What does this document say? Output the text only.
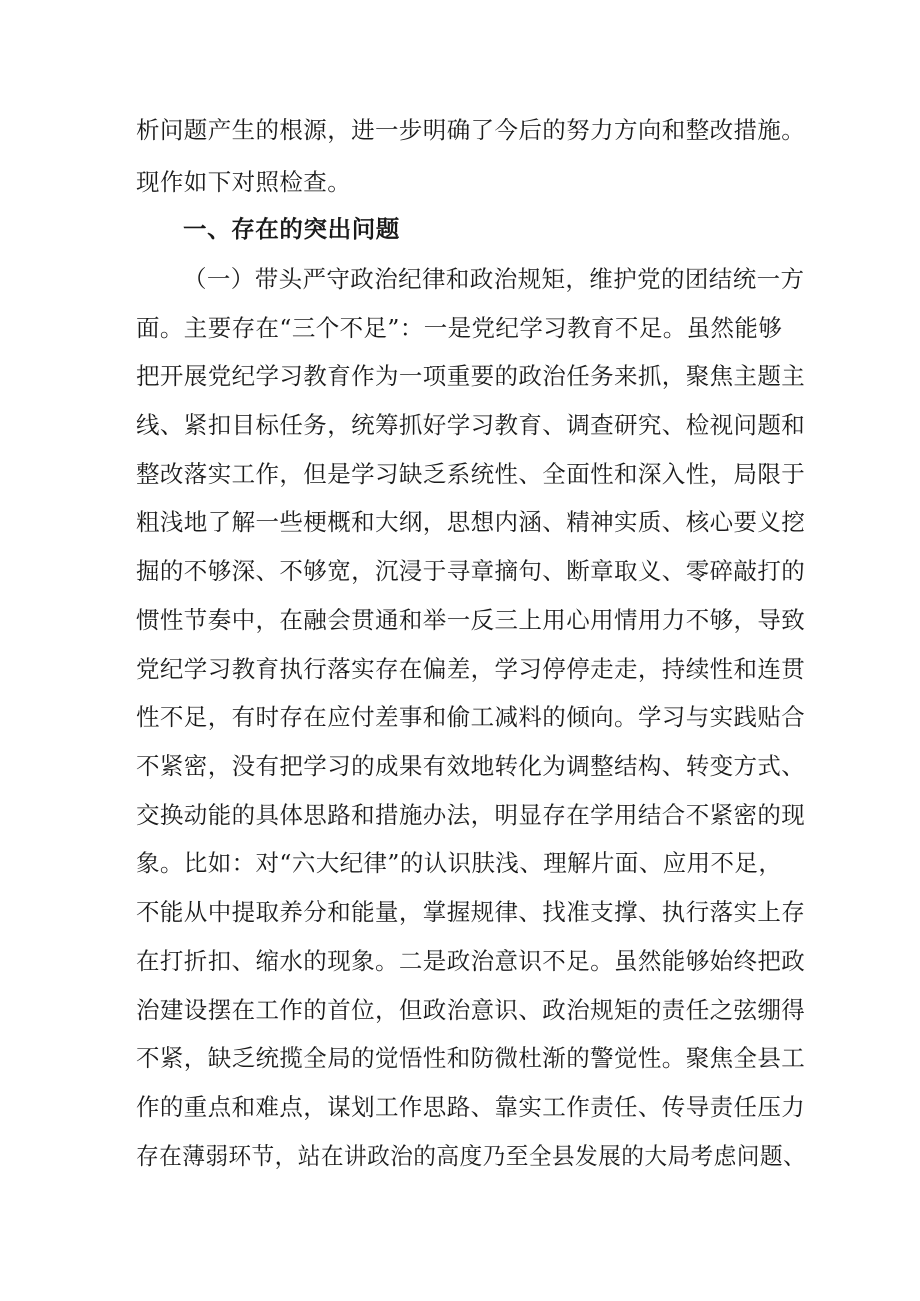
析问题产生的根源，进一步明确了今后的努力方向和整改措施。
现作如下对照检查。
一、存在的突出问题
（一）带头严守政治纪律和政治规矩，维护党的团结统一方
面。主要存在“三个不足”：一是党纪学习教育不足。虽然能够
把开展党纪学习教育作为一项重要的政治任务来抓，聚焦主题主
线、紧扣目标任务，统筹抓好学习教育、调查研究、检视问题和
整改落实工作，但是学习缺乏系统性、全面性和深入性，局限于
粗浅地了解一些梗概和大纲，思想内涵、精神实质、核心要义挖
掘的不够深、不够宽，沉浸于寻章摘句、断章取义、零碎敲打的
惯性节奏中，在融会贯通和举一反三上用心用情用力不够，导致
党纪学习教育执行落实存在偏差，学习停停走走，持续性和连贯
性不足，有时存在应付差事和偷工减料的倾向。学习与实践贴合
不紧密，没有把学习的成果有效地转化为调整结构、转变方式、
交换动能的具体思路和措施办法，明显存在学用结合不紧密的现
象。比如：对“六大纪律”的认识肤浅、理解片面、应用不足，
不能从中提取养分和能量，掌握规律、找准支撑、执行落实上存
在打折扣、缩水的现象。二是政治意识不足。虽然能够始终把政
治建设摆在工作的首位，但政治意识、政治规矩的责任之弦绷得
不紧，缺乏统揽全局的觉悟性和防微杜渐的警觉性。聚焦全县工
作的重点和难点，谋划工作思路、靠实工作责任、传导责任压力
存在薄弱环节，站在讲政治的高度乃至全县发展的大局考虑问题、
